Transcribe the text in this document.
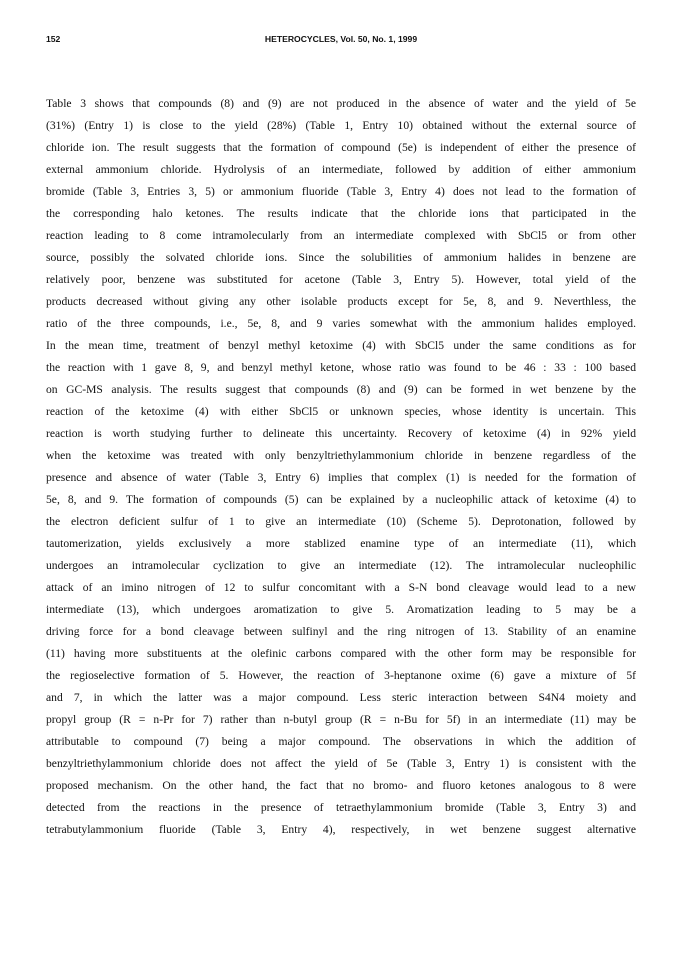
152	HETEROCYCLES, Vol. 50, No. 1, 1999
Table 3 shows that compounds (8) and (9) are not produced in the absence of water and the yield of 5e
(31%) (Entry 1) is close to the yield (28%) (Table 1, Entry 10) obtained without the external source of
chloride ion. The result suggests that the formation of compound (5e) is independent of either the presence of
external ammonium chloride. Hydrolysis of an intermediate, followed by addition of either ammonium
bromide (Table 3, Entries 3, 5) or ammonium fluoride (Table 3, Entry 4) does not lead to the formation of
the corresponding halo ketones. The results indicate that the chloride ions that participated in the
reaction leading to 8 come intramolecularly from an intermediate complexed with SbCl5 or from other
source, possibly the solvated chloride ions. Since the solubilities of ammonium halides in benzene are
relatively poor, benzene was substituted for acetone (Table 3, Entry 5). However, total yield of the
products decreased without giving any other isolable products except for 5e, 8, and 9. Neverthless, the
ratio of the three compounds, i.e., 5e, 8, and 9 varies somewhat with the ammonium halides employed.
In the mean time, treatment of benzyl methyl ketoxime (4) with SbCl5 under the same conditions as for
the reaction with 1 gave 8, 9, and benzyl methyl ketone, whose ratio was found to be 46 : 33 : 100 based
on GC-MS analysis. The results suggest that compounds (8) and (9) can be formed in wet benzene by the
reaction of the ketoxime (4) with either SbCl5 or unknown species, whose identity is uncertain. This
reaction is worth studying further to delineate this uncertainty. Recovery of ketoxime (4) in 92% yield
when the ketoxime was treated with only benzyltriethylammonium chloride in benzene regardless of the
presence and absence of water (Table 3, Entry 6) implies that complex (1) is needed for the formation of
5e, 8, and 9. The formation of compounds (5) can be explained by a nucleophilic attack of ketoxime (4) to
the electron deficient sulfur of 1 to give an intermediate (10) (Scheme 5). Deprotonation, followed by
tautomerization, yields exclusively a more stablized enamine type of an intermediate (11), which
undergoes an intramolecular cyclization to give an intermediate (12). The intramolecular nucleophilic
attack of an imino nitrogen of 12 to sulfur concomitant with a S-N bond cleavage would lead to a new
intermediate (13), which undergoes aromatization to give 5. Aromatization leading to 5 may be a
driving force for a bond cleavage between sulfinyl and the ring nitrogen of 13. Stability of an enamine
(11) having more substituents at the olefinic carbons compared with the other form may be responsible for
the regioselective formation of 5. However, the reaction of 3-heptanone oxime (6) gave a mixture of 5f
and 7, in which the latter was a major compound. Less steric interaction between S4N4 moiety and
propyl group (R = n-Pr for 7) rather than n-butyl group (R = n-Bu for 5f) in an intermediate (11) may be
attributable to compound (7) being a major compound. The observations in which the addition of
benzyltriethylammonium chloride does not affect the yield of 5e (Table 3, Entry 1) is consistent with the
proposed mechanism. On the other hand, the fact that no bromo- and fluoro ketones analogous to 8 were
detected from the reactions in the presence of tetraethylammonium bromide (Table 3, Entry 3) and
tetrabutylammonium fluoride (Table 3, Entry 4), respectively, in wet benzene suggest alternative
